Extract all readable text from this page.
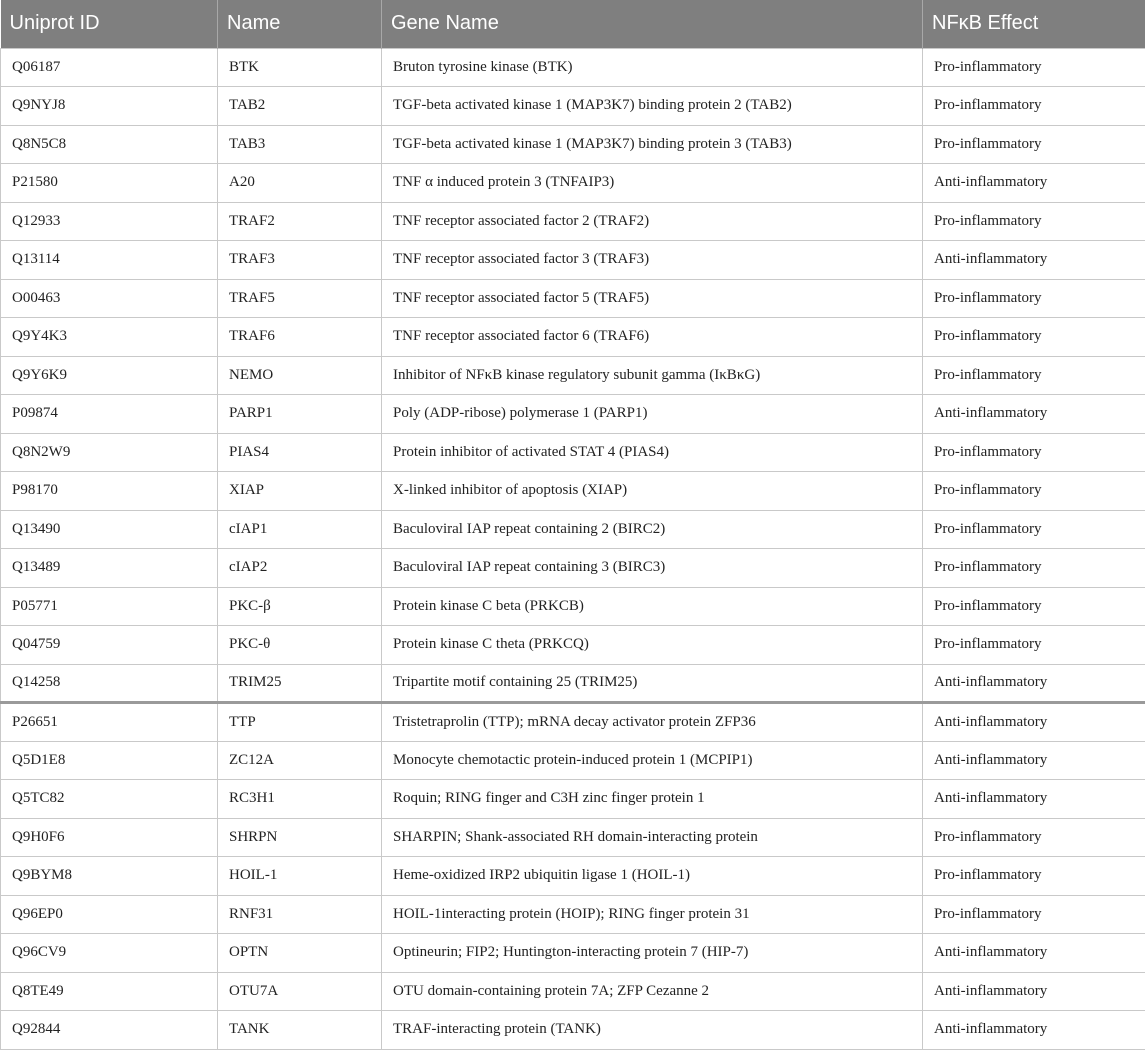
Uniprot ID	Name	Gene Name	NFκB Effect
Q06187	BTK	Bruton tyrosine kinase (BTK)	Pro-inflammatory
Q9NYJ8	TAB2	TGF-beta activated kinase 1 (MAP3K7) binding protein 2 (TAB2)	Pro-inflammatory
Q8N5C8	TAB3	TGF-beta activated kinase 1 (MAP3K7) binding protein 3 (TAB3)	Pro-inflammatory
P21580	A20	TNF α induced protein 3 (TNFAIP3)	Anti-inflammatory
Q12933	TRAF2	TNF receptor associated factor 2 (TRAF2)	Pro-inflammatory
Q13114	TRAF3	TNF receptor associated factor 3 (TRAF3)	Anti-inflammatory
O00463	TRAF5	TNF receptor associated factor 5 (TRAF5)	Pro-inflammatory
Q9Y4K3	TRAF6	TNF receptor associated factor 6 (TRAF6)	Pro-inflammatory
Q9Y6K9	NEMO	Inhibitor of NFκB kinase regulatory subunit gamma (IκBκG)	Pro-inflammatory
P09874	PARP1	Poly (ADP-ribose) polymerase 1 (PARP1)	Anti-inflammatory
Q8N2W9	PIAS4	Protein inhibitor of activated STAT 4 (PIAS4)	Pro-inflammatory
P98170	XIAP	X-linked inhibitor of apoptosis (XIAP)	Pro-inflammatory
Q13490	cIAP1	Baculoviral IAP repeat containing 2 (BIRC2)	Pro-inflammatory
Q13489	cIAP2	Baculoviral IAP repeat containing 3 (BIRC3)	Pro-inflammatory
P05771	PKC-β	Protein kinase C beta (PRKCB)	Pro-inflammatory
Q04759	PKC-θ	Protein kinase C theta (PRKCQ)	Pro-inflammatory
Q14258	TRIM25	Tripartite motif containing 25 (TRIM25)	Anti-inflammatory
P26651	TTP	Tristetraprolin (TTP); mRNA decay activator protein ZFP36	Anti-inflammatory
Q5D1E8	ZC12A	Monocyte chemotactic protein-induced protein 1 (MCPIP1)	Anti-inflammatory
Q5TC82	RC3H1	Roquin; RING finger and C3H zinc finger protein 1	Anti-inflammatory
Q9H0F6	SHRPN	SHARPIN; Shank-associated RH domain-interacting protein	Pro-inflammatory
Q9BYM8	HOIL-1	Heme-oxidized IRP2 ubiquitin ligase 1 (HOIL-1)	Pro-inflammatory
Q96EP0	RNF31	HOIL-1interacting protein (HOIP); RING finger protein 31	Pro-inflammatory
Q96CV9	OPTN	Optineurin; FIP2; Huntington-interacting protein 7 (HIP-7)	Anti-inflammatory
Q8TE49	OTU7A	OTU domain-containing protein 7A; ZFP Cezanne 2	Anti-inflammatory
Q92844	TANK	TRAF-interacting protein (TANK)	Anti-inflammatory
